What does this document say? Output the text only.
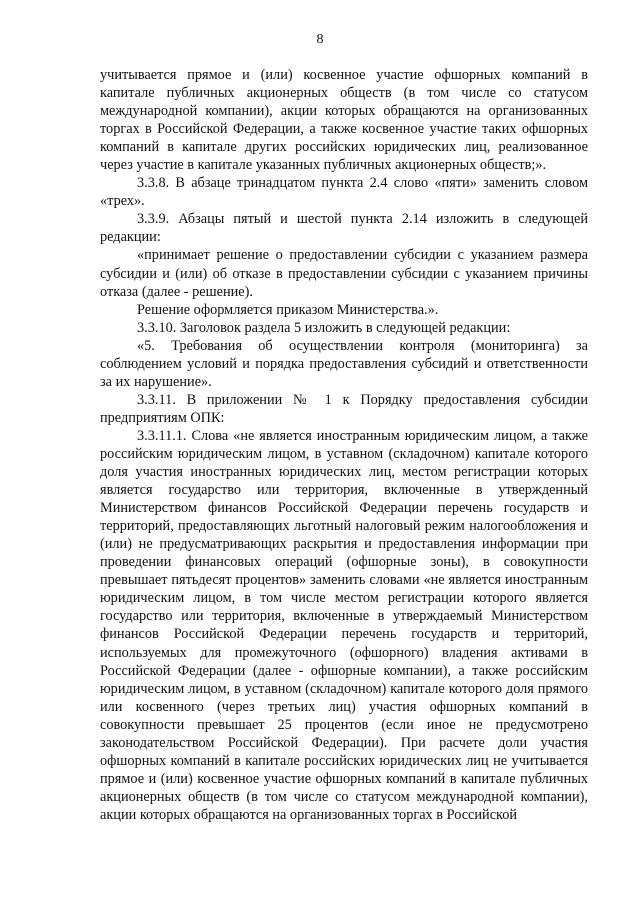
8

учитывается прямое и (или) косвенное участие офшорных компаний в капитале публичных акционерных обществ (в том числе со статусом международной компании), акции которых обращаются на организованных торгах в Российской Федерации, а также косвенное участие таких офшорных компаний в капитале других российских юридических лиц, реализованное через участие в капитале указанных публичных акционерных обществ;».

3.3.8. В абзаце тринадцатом пункта 2.4 слово «пяти» заменить словом «трех».

3.3.9. Абзацы пятый и шестой пункта 2.14 изложить в следующей редакции:

«принимает решение о предоставлении субсидии с указанием размера субсидии и (или) об отказе в предоставлении субсидии с указанием причины отказа (далее - решение).

Решение оформляется приказом Министерства.».

3.3.10. Заголовок раздела 5 изложить в следующей редакции:

«5. Требования об осуществлении контроля (мониторинга) за соблюдением условий и порядка предоставления субсидий и ответственности за их нарушение».

3.3.11. В приложении № 1 к Порядку предоставления субсидии предприятиям ОПК:

3.3.11.1. Слова «не является иностранным юридическим лицом, а также российским юридическим лицом, в уставном (складочном) капитале которого доля участия иностранных юридических лиц, местом регистрации которых является государство или территория, включенные в утвержденный Министерством финансов Российской Федерации перечень государств и территорий, предоставляющих льготный налоговый режим налогообложения и (или) не предусматривающих раскрытия и предоставления информации при проведении финансовых операций (офшорные зоны), в совокупности превышает пятьдесят процентов» заменить словами «не является иностранным юридическим лицом, в том числе местом регистрации которого является государство или территория, включенные в утверждаемый Министерством финансов Российской Федерации перечень государств и территорий, используемых для промежуточного (офшорного) владения активами в Российской Федерации (далее - офшорные компании), а также российским юридическим лицом, в уставном (складочном) капитале которого доля прямого или косвенного (через третьих лиц) участия офшорных компаний в совокупности превышает 25 процентов (если иное не предусмотрено законодательством Российской Федерации). При расчете доли участия офшорных компаний в капитале российских юридических лиц не учитывается прямое и (или) косвенное участие офшорных компаний в капитале публичных акционерных обществ (в том числе со статусом международной компании), акции которых обращаются на организованных торгах в Российской
